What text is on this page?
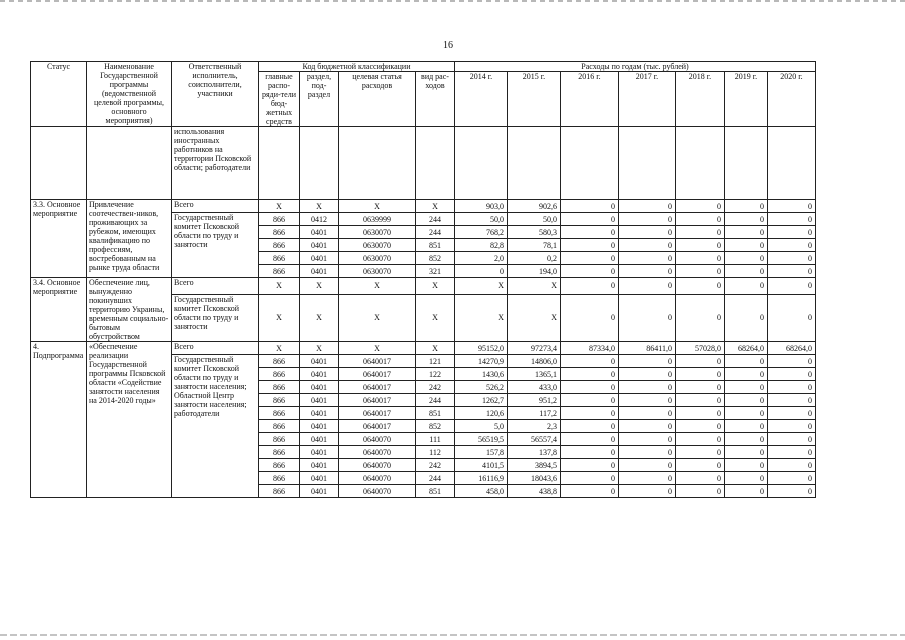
16
Статус	Наименование Государственной программы (ведомственной целевой программы, основного мероприятия)	Ответственный исполнитель, соисполнители, участники	Код бюджетной классификации				Расходы по годам (тыс. рублей)						
			главные распо-ряди-тели бюд-жетных средств	раздел, под-раздел	целевая статья расходов	вид рас-ходов	2014 г.	2015 г.	2016 г.	2017 г.	2018 г.	2019 г.	2020 г.
		использования иностранных работников на территории Псковской области; работодатели											
3.3. Основное мероприятие	Привлечение соотечествен-ников, проживающих за рубежом, имеющих квалификацию по профессиям, востребованным на рынке труда области	Всего	Х	Х	Х	Х	903,0	902,6	0	0	0	0	0
		Государственный комитет Псковской области по труду и занятости	866	0412	0639999	244	50,0	50,0	0	0	0	0	0
			866	0401	0630070	244	768,2	580,3	0	0	0	0	0
			866	0401	0630070	851	82,8	78,1	0	0	0	0	0
			866	0401	0630070	852	2,0	0,2	0	0	0	0	0
			866	0401	0630070	321	0	194,0	0	0	0	0	0
3.4. Основное мероприятие	Обеспечение лиц, вынужденно покинувших территорию Украины, временным социально-бытовым обустройством	Всего	Х	Х	Х	Х	Х	Х	0	0	0	0	0
		Государственный комитет Псковской области по труду и занятости	Х	Х	Х	Х	Х	Х	0	0	0	0	0
4. Подпрограмма	«Обеспечение реализации Государственной программы Псковской области «Содействие занятости населения на 2014-2020 годы»	Всего	Х	Х	Х	Х	95152,0	97273,4	87334,0	86411,0	57028,0	68264,0	68264,0
		Государственный комитет Псковской области по труду и занятости населения; Областной Центр занятости населения; работодатели	866	0401	0640017	121	14270,9	14806,0	0	0	0	0	0
			866	0401	0640017	122	1430,6	1365,1	0	0	0	0	0
			866	0401	0640017	242	526,2	433,0	0	0	0	0	0
			866	0401	0640017	244	1262,7	951,2	0	0	0	0	0
			866	0401	0640017	851	120,6	117,2	0	0	0	0	0
			866	0401	0640017	852	5,0	2,3	0	0	0	0	0
			866	0401	0640070	111	56519,5	56557,4	0	0	0	0	0
			866	0401	0640070	112	157,8	137,8	0	0	0	0	0
			866	0401	0640070	242	4101,5	3894,5	0	0	0	0	0
			866	0401	0640070	244	16116,9	18043,6	0	0	0	0	0
			866	0401	0640070	851	458,0	438,8	0	0	0	0	0
